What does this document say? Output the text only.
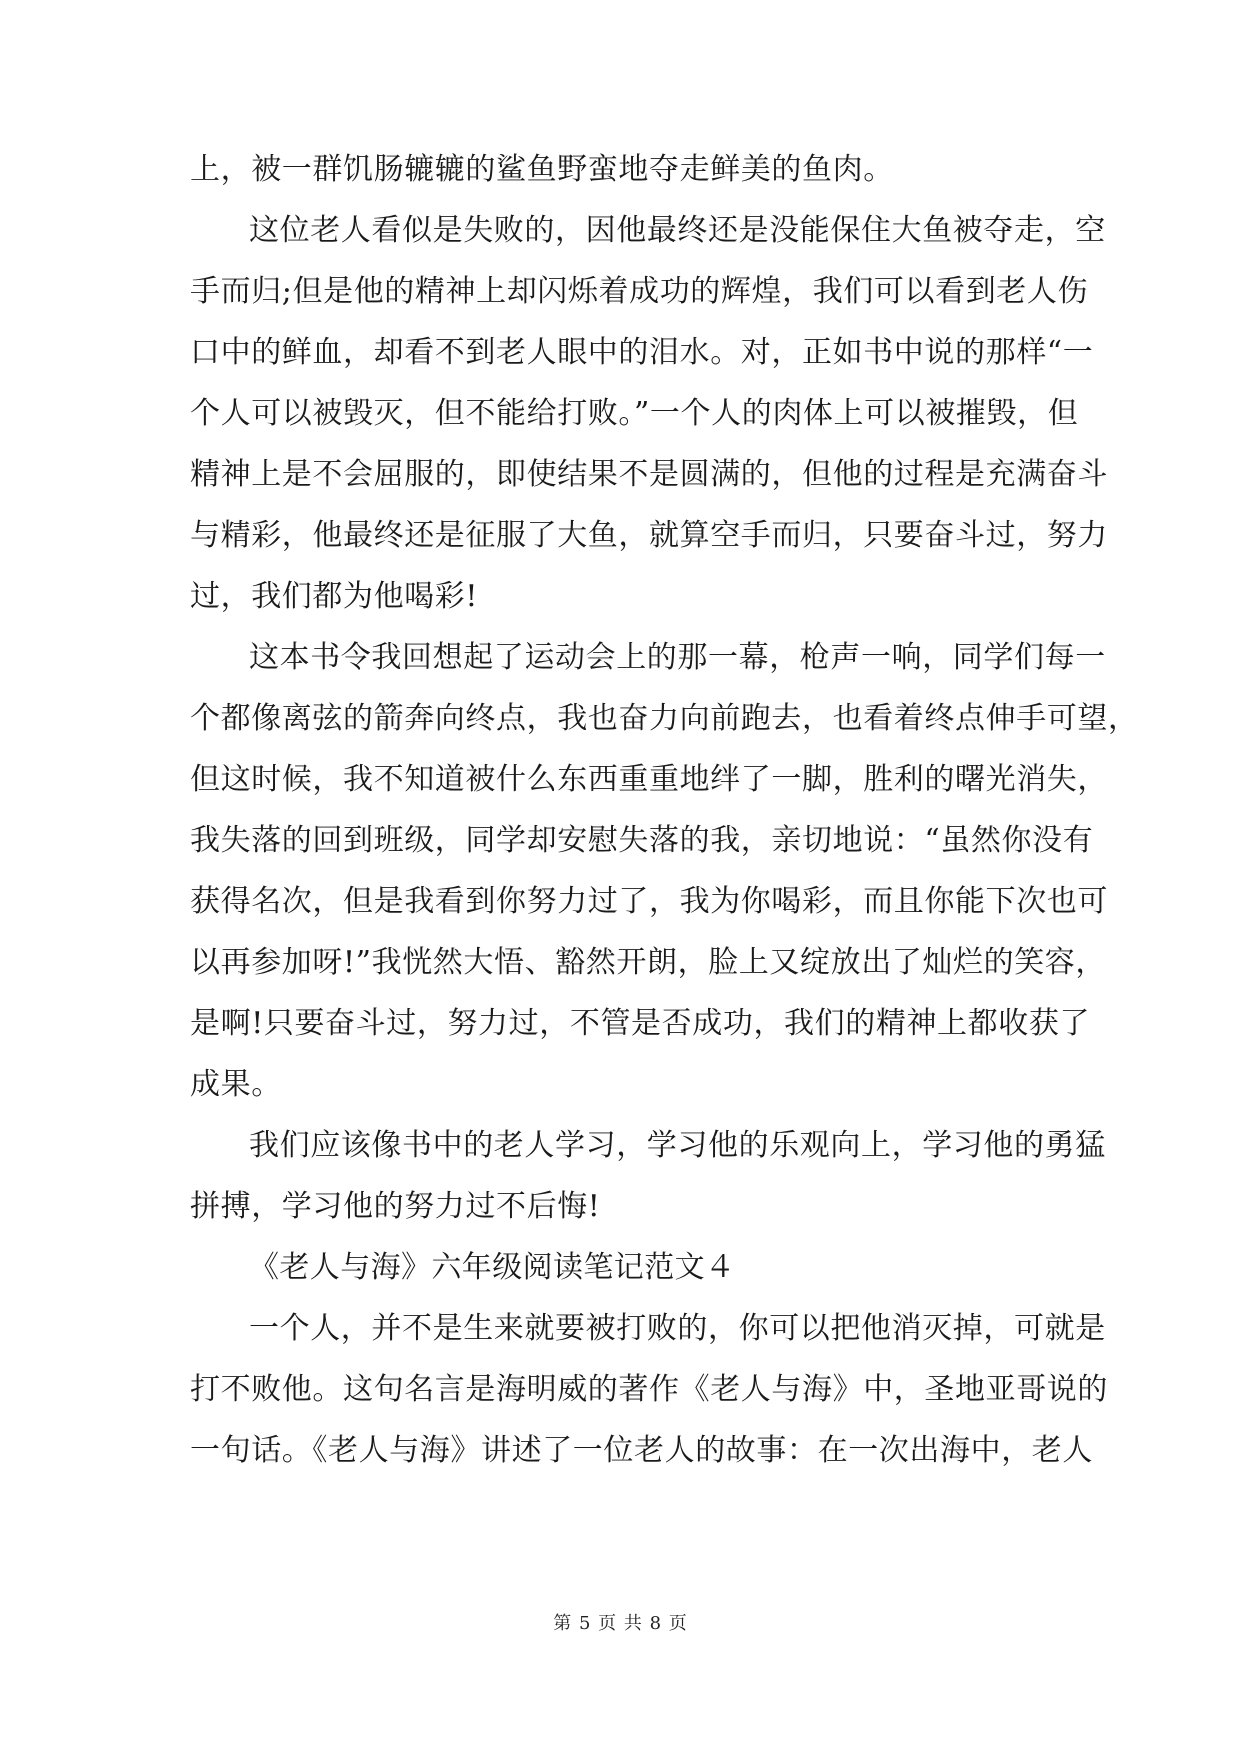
上，被一群饥肠辘辘的鲨鱼野蛮地夺走鲜美的鱼肉。
这位老人看似是失败的，因他最终还是没能保住大鱼被夺走，空
手而归;但是他的精神上却闪烁着成功的辉煌，我们可以看到老人伤
口中的鲜血，却看不到老人眼中的泪水。对，正如书中说的那样“一
个人可以被毁灭，但不能给打败。”一个人的肉体上可以被摧毁，但
精神上是不会屈服的，即使结果不是圆满的，但他的过程是充满奋斗
与精彩，他最终还是征服了大鱼，就算空手而归，只要奋斗过，努力
过，我们都为他喝彩!
这本书令我回想起了运动会上的那一幕，枪声一响，同学们每一
个都像离弦的箭奔向终点，我也奋力向前跑去，也看着终点伸手可望，
但这时候，我不知道被什么东西重重地绊了一脚，胜利的曙光消失，
我失落的回到班级，同学却安慰失落的我，亲切地说：“虽然你没有
获得名次，但是我看到你努力过了，我为你喝彩，而且你能下次也可
以再参加呀!”我恍然大悟、豁然开朗，脸上又绽放出了灿烂的笑容，
是啊!只要奋斗过，努力过，不管是否成功，我们的精神上都收获了
成果。
我们应该像书中的老人学习，学习他的乐观向上，学习他的勇猛
拼搏，学习他的努力过不后悔!
《老人与海》六年级阅读笔记范文４
一个人，并不是生来就要被打败的，你可以把他消灭掉，可就是
打不败他。这句名言是海明威的著作《老人与海》中，圣地亚哥说的
一句话。《老人与海》讲述了一位老人的故事：在一次出海中，老人
第 5 页 共 8 页
